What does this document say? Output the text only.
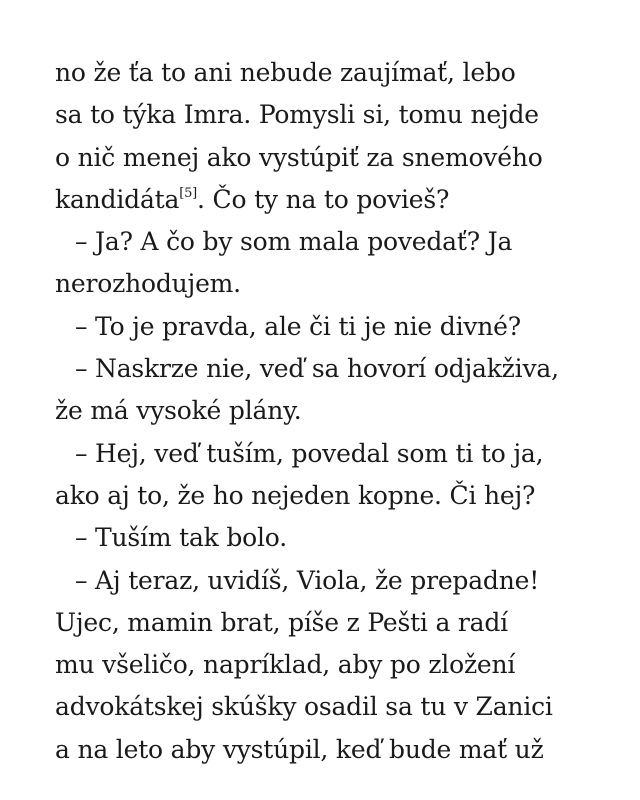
no že ťa to ani nebude zaujímať, lebo
sa to týka Imra. Pomysli si, tomu nejde
o nič menej ako vystúpiť za snemového
kandidáta[5]. Čo ty na to povieš?
– Ja? A čo by som mala povedať? Ja
nerozhodujem.
– To je pravda, ale či ti je nie divné?
– Naskrze nie, veď sa hovorí odjakživa,
že má vysoké plány.
– Hej, veď tuším, povedal som ti to ja,
ako aj to, že ho nejeden kopne. Či hej?
– Tuším tak bolo.
– Aj teraz, uvidíš, Viola, že prepadne!
Ujec, mamin brat, píše z Pešti a radí
mu všeličo, napríklad, aby po zložení
advokátskej skúšky osadil sa tu v Zanici
a na leto aby vystúpil, keď bude mať už
